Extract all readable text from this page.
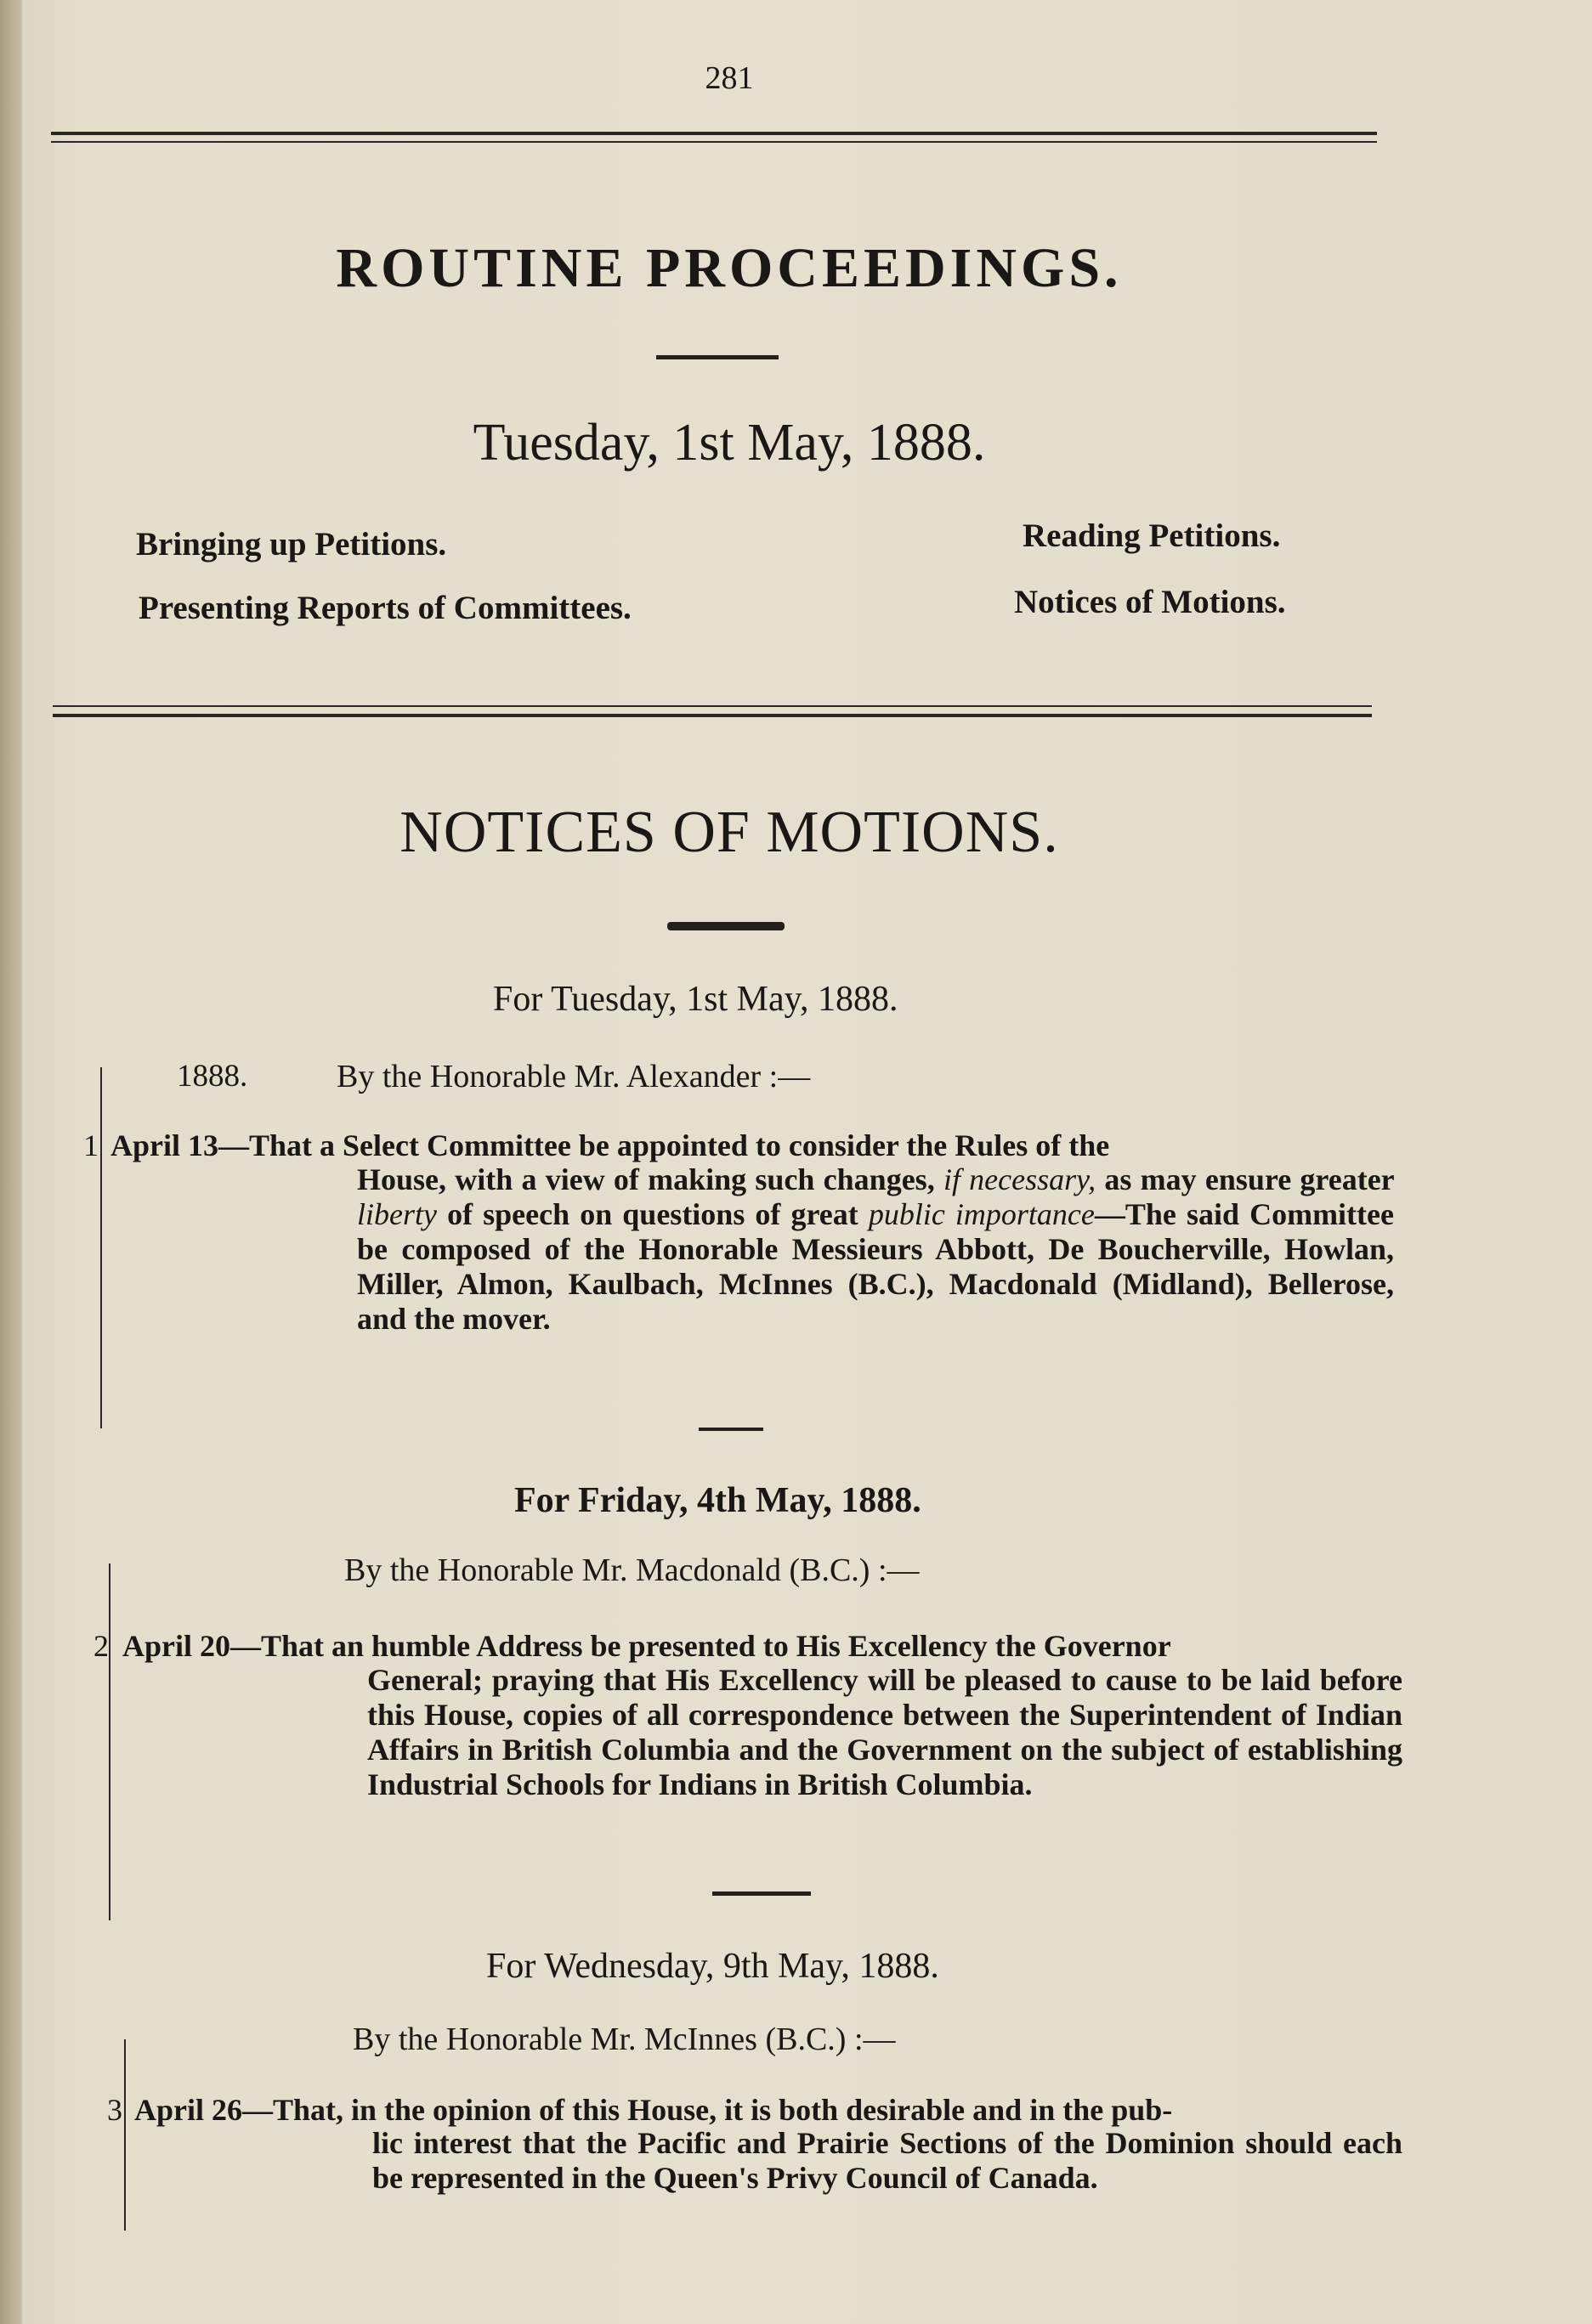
281
ROUTINE PROCEEDINGS.
Tuesday, 1st May, 1888.
Bringing up Petitions.
Presenting Reports of Committees.
Reading Petitions.
Notices of Motions.
NOTICES OF MOTIONS.
For Tuesday, 1st May, 1888.
1888.	By the Honorable Mr. Alexander :—
1 April 13—That a Select Committee be appointed to consider the Rules of the
House, with a view of making such changes, if necessary, as may ensure greater liberty of speech on questions of great public importance—The said Committee be composed of the Honorable Messieurs Abbott, De Boucherville, Howlan, Miller, Almon, Kaulbach, McInnes (B.C.), Macdonald (Midland), Bellerose, and the mover.
For Friday, 4th May, 1888.
By the Honorable Mr. Macdonald (B.C.) :—
2 April 20—That an humble Address be presented to His Excellency the Governor
General; praying that His Excellency will be pleased to cause to be laid before this House, copies of all correspondence between the Superintendent of Indian Affairs in British Columbia and the Government on the subject of establishing Industrial Schools for Indians in British Columbia.
For Wednesday, 9th May, 1888.
By the Honorable Mr. McInnes (B.C.) :—
3 April 26—That, in the opinion of this House, it is both desirable and in the pub-
lic interest that the Pacific and Prairie Sections of the Dominion should each be represented in the Queen's Privy Council of Canada.
